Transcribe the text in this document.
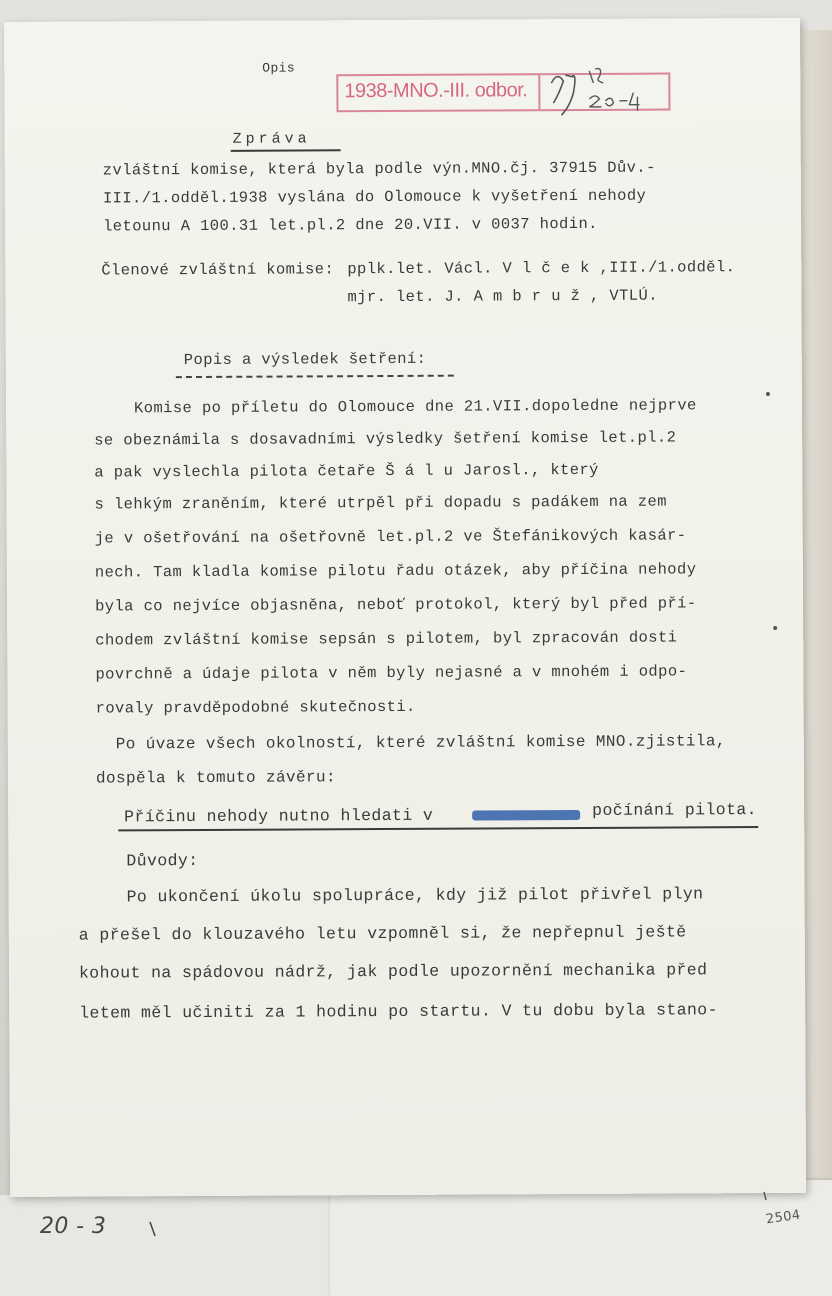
Opis
1938-MNO.-III. odbor.
Zpráva
zvláštní komise, která byla podle výn.MNO.čj. 37915 Dův.-
III./1.odděl.1938 vyslána do Olomouce k vyšetření nehody
letounu A 100.31 let.pl.2 dne 20.VII. v 0037 hodin.
Členové zvláštní komise: pplk.let. Václ. V l č e k ,III./1.odděl.
mjr. let. J. A m b r u ž , VTLÚ.
Popis a výsledek šetření:
Komise po příletu do Olomouce dne 21.VII.dopoledne nejprve
se obeznámila s dosavadními výsledky šetření komise let.pl.2
a pak vyslechla pilota četaře Š á l u Jarosl., který
s lehkým zraněním, které utrpěl při dopadu s padákem na zem
je v ošetřování na ošetřovně let.pl.2 ve Štefánikových kasár-
nech. Tam kladla komise pilotu řadu otázek, aby příčina nehody
byla co nejvíce objasněna, neboť protokol, který byl před pří-
chodem zvláštní komise sepsán s pilotem, byl zpracován dosti
povrchně a údaje pilota v něm byly nejasné a v mnohém i odpo-
rovaly pravděpodobné skutečnosti.
Po úvaze všech okolností, které zvláštní komise MNO.zjistila,
dospěla k tomuto závěru:
Příčinu nehody nutno hledati v	počínání pilota.
Důvody:
Po ukončení úkolu spolupráce, kdy již pilot přivřel plyn
a přešel do klouzavého letu vzpomněl si, že nepřepnul ještě
kohout na spádovou nádrž, jak podle upozornění mechanika před
letem měl učiniti za 1 hodinu po startu. V tu dobu byla stano-
20 - 3	2504
